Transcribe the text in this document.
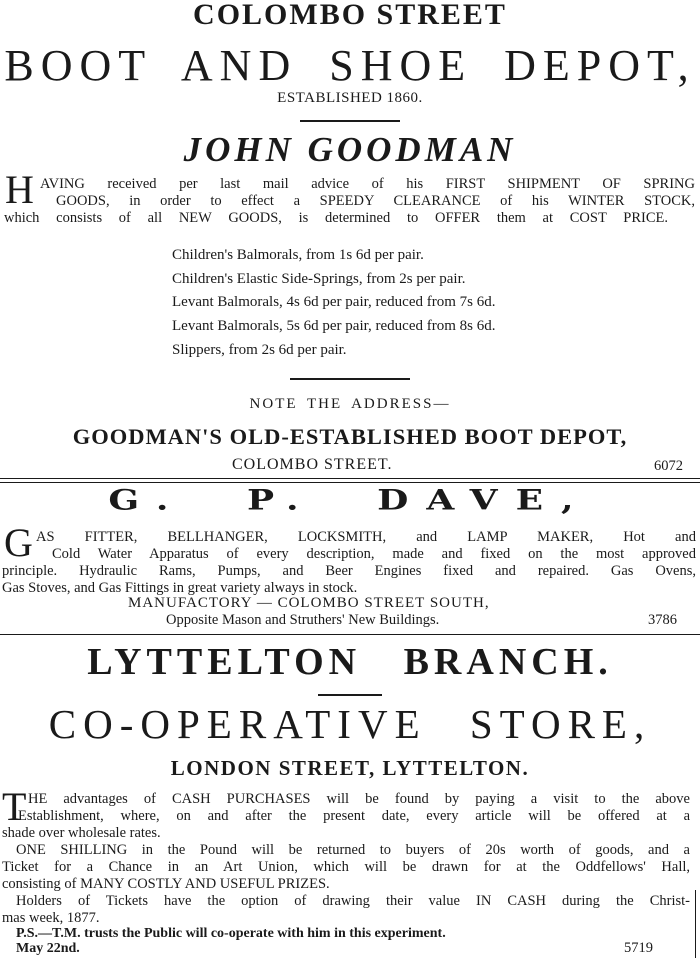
COLOMBO STREET
BOOT AND SHOE DEPOT,
ESTABLISHED 1860.
JOHN GOODMAN
H AVING received per last mail advice of his FIRST SHIPMENT OF SPRING
GOODS, in order to effect a SPEEDY CLEARANCE of his WINTER STOCK,
which consists of all NEW GOODS, is determined to OFFER them at COST PRICE.
Children's Balmorals, from 1s 6d per pair.
Children's Elastic Side-Springs, from 2s per pair.
Levant Balmorals, 4s 6d per pair, reduced from 7s 6d.
Levant Balmorals, 5s 6d per pair, reduced from 8s 6d.
Slippers, from 2s 6d per pair.
NOTE THE ADDRESS—
GOODMAN'S OLD-ESTABLISHED BOOT DEPOT,
COLOMBO STREET.	6072
G. P. DAVE,
G AS FITTER, BELLHANGER, LOCKSMITH, and LAMP MAKER, Hot and
Cold Water Apparatus of every description, made and fixed on the most approved
principle. Hydraulic Rams, Pumps, and Beer Engines fixed and repaired. Gas Ovens,
Gas Stoves, and Gas Fittings in great variety always in stock.
MANUFACTORY — COLOMBO STREET SOUTH,
Opposite Mason and Struthers' New Buildings.	3786
LYTTELTON BRANCH.
CO-OPERATIVE STORE,
LONDON STREET, LYTTELTON.
T HE advantages of CASH PURCHASES will be found by paying a visit to the above
Establishment, where, on and after the present date, every article will be offered at a
shade over wholesale rates.
ONE SHILLING in the Pound will be returned to buyers of 20s worth of goods, and a
Ticket for a Chance in an Art Union, which will be drawn for at the Oddfellows' Hall,
consisting of MANY COSTLY AND USEFUL PRIZES.
Holders of Tickets have the option of drawing their value IN CASH during the Christ-
mas week, 1877.
P.S.—T.M. trusts the Public will co-operate with him in this experiment.
May 22nd.	5719
